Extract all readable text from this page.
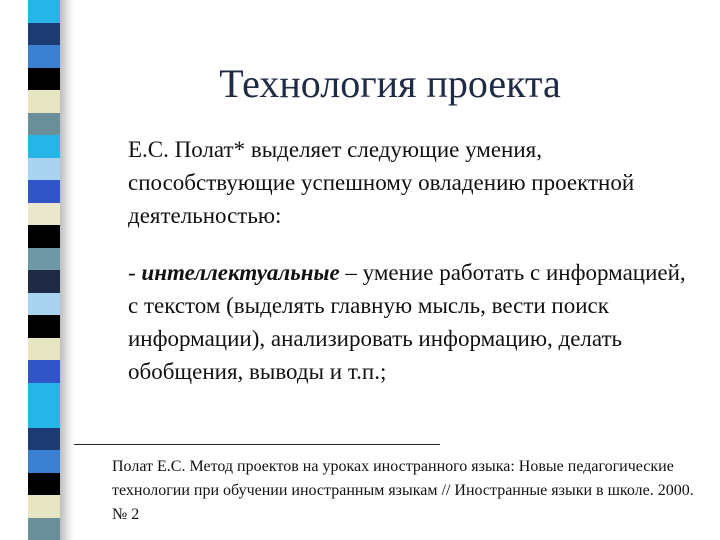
Технология проекта
Е.С. Полат* выделяет следующие умения, способствующие успешному овладению проектной деятельностью:
- интеллектуальные – умение работать с информацией, с текстом (выделять главную мысль, вести поиск информации), анализировать информацию, делать обобщения, выводы и т.п.;
Полат Е.С. Метод проектов на уроках иностранного языка: Новые педагогические технологии при обучении иностранным языкам // Иностранные языки в школе. 2000. № 2
